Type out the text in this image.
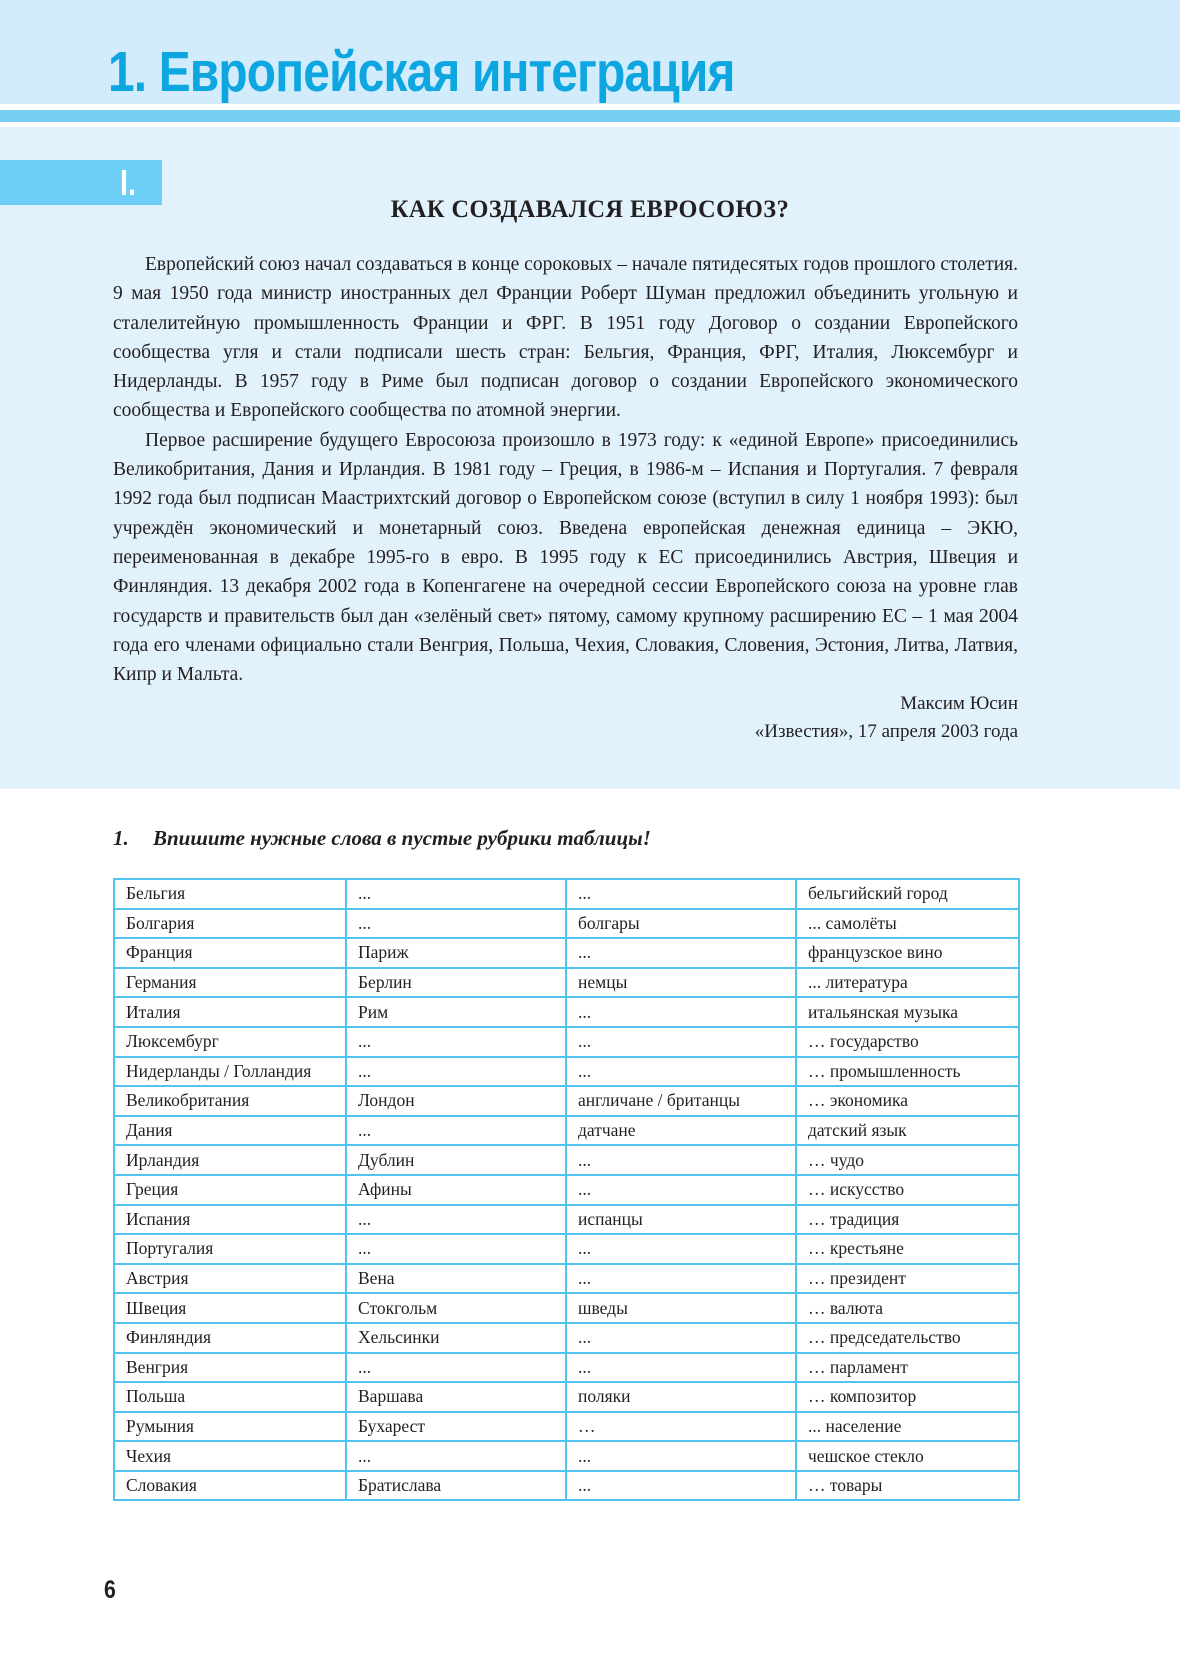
1. Европейская интеграция
I.
КАК СОЗДАВАЛСЯ ЕВРОСОЮЗ?

Европейский союз начал создаваться в конце сороковых – начале пятидесятых годов прошлого столетия. 9 мая 1950 года министр иностранных дел Франции Роберт Шуман предложил объединить угольную и сталелитейную промышленность Франции и ФРГ. В 1951 году Договор о создании Европейского сообщества угля и стали подписали шесть стран: Бельгия, Франция, ФРГ, Италия, Люксембург и Нидерланды. В 1957 году в Риме был подписан договор о создании Европейского экономического сообщества и Европейского сообщества по атомной энергии.

Первое расширение будущего Евросоюза произошло в 1973 году: к «единой Европе» присоединились Великобритания, Дания и Ирландия. В 1981 году – Греция, в 1986-м – Испания и Португалия. 7 февраля 1992 года был подписан Маастрихтский договор о Европейском союзе (вступил в силу 1 ноября 1993): был учреждён экономический и монетарный союз. Введена европейская денежная единица – ЭКЮ, переименованная в декабре 1995-го в евро. В 1995 году к ЕС присоединились Австрия, Швеция и Финляндия. 13 декабря 2002 года в Копенгагене на очередной сессии Европейского союза на уровне глав государств и правительств был дан «зелёный свет» пятому, самому крупному расширению ЕС – 1 мая 2004 года его членами официально стали Венгрия, Польша, Чехия, Словакия, Словения, Эстония, Литва, Латвия, Кипр и Мальта.

Максим Юсин
«Известия», 17 апреля 2003 года
1.	Впишите нужные слова в пустые рубрики таблицы!
Бельгия	...	...	бельгийский город
Болгария	...	болгары	... самолёты
Франция	Париж	...	французское вино
Германия	Берлин	немцы	... литература
Италия	Рим	...	итальянская музыка
Люксембург	...	...	… государство
Нидерланды / Голландия	...	...	… промышленность
Великобритания	Лондон	англичане / британцы	… экономика
Дания	...	датчане	датский язык
Ирландия	Дублин	...	… чудо
Греция	Афины	...	… искусство
Испания	...	испанцы	… традиция
Португалия	...	...	… крестьяне
Австрия	Вена	...	… президент
Швеция	Стокгольм	шведы	… валюта
Финляндия	Хельсинки	...	… председательство
Венгрия	...	...	… парламент
Польша	Варшава	поляки	… композитор
Румыния	Бухарест	…	... население
Чехия	...	...	чешское стекло
Словакия	Братислава	...	… товары
6
